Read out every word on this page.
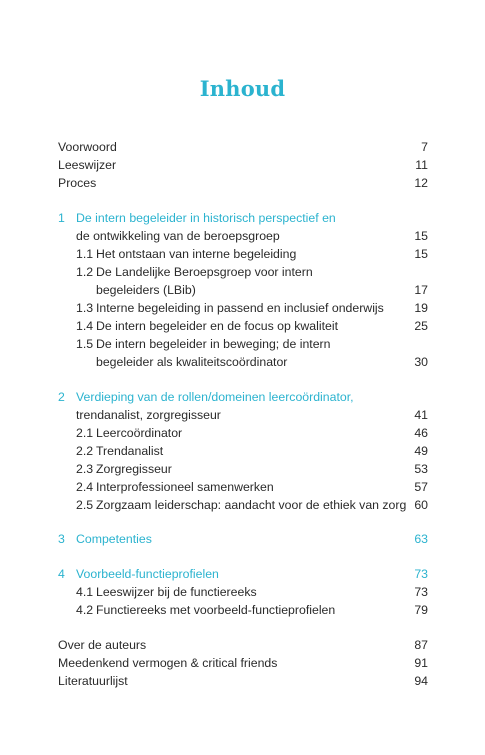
Inhoud
Voorwoord	7
Leeswijzer	11
Proces	12
1 De intern begeleider in historisch perspectief en
de ontwikkeling van de beroepsgroep	15
1.1 Het ontstaan van interne begeleiding	15
1.2 De Landelijke Beroepsgroep voor intern
begeleiders (LBib)	17
1.3 Interne begeleiding in passend en inclusief onderwijs 19
1.4 De intern begeleider en de focus op kwaliteit	25
1.5 De intern begeleider in beweging; de intern
begeleider als kwaliteitscoördinator	30
2 Verdieping van de rollen/domeinen leercoördinator,
trendanalist, zorgregisseur	41
2.1 Leercoördinator	46
2.2 Trendanalist	49
2.3 Zorgregisseur	53
2.4 Interprofessioneel samenwerken	57
2.5 Zorgzaam leiderschap: aandacht voor de ethiek van zorg 60
3 Competenties	63
4 Voorbeeld-functieprofielen	73
4.1 Leeswijzer bij de functiereeks	73
4.2 Functiereeks met voorbeeld-functieprofielen	79
Over de auteurs	87
Meedenkend vermogen & critical friends	91
Literatuurlijst	94
